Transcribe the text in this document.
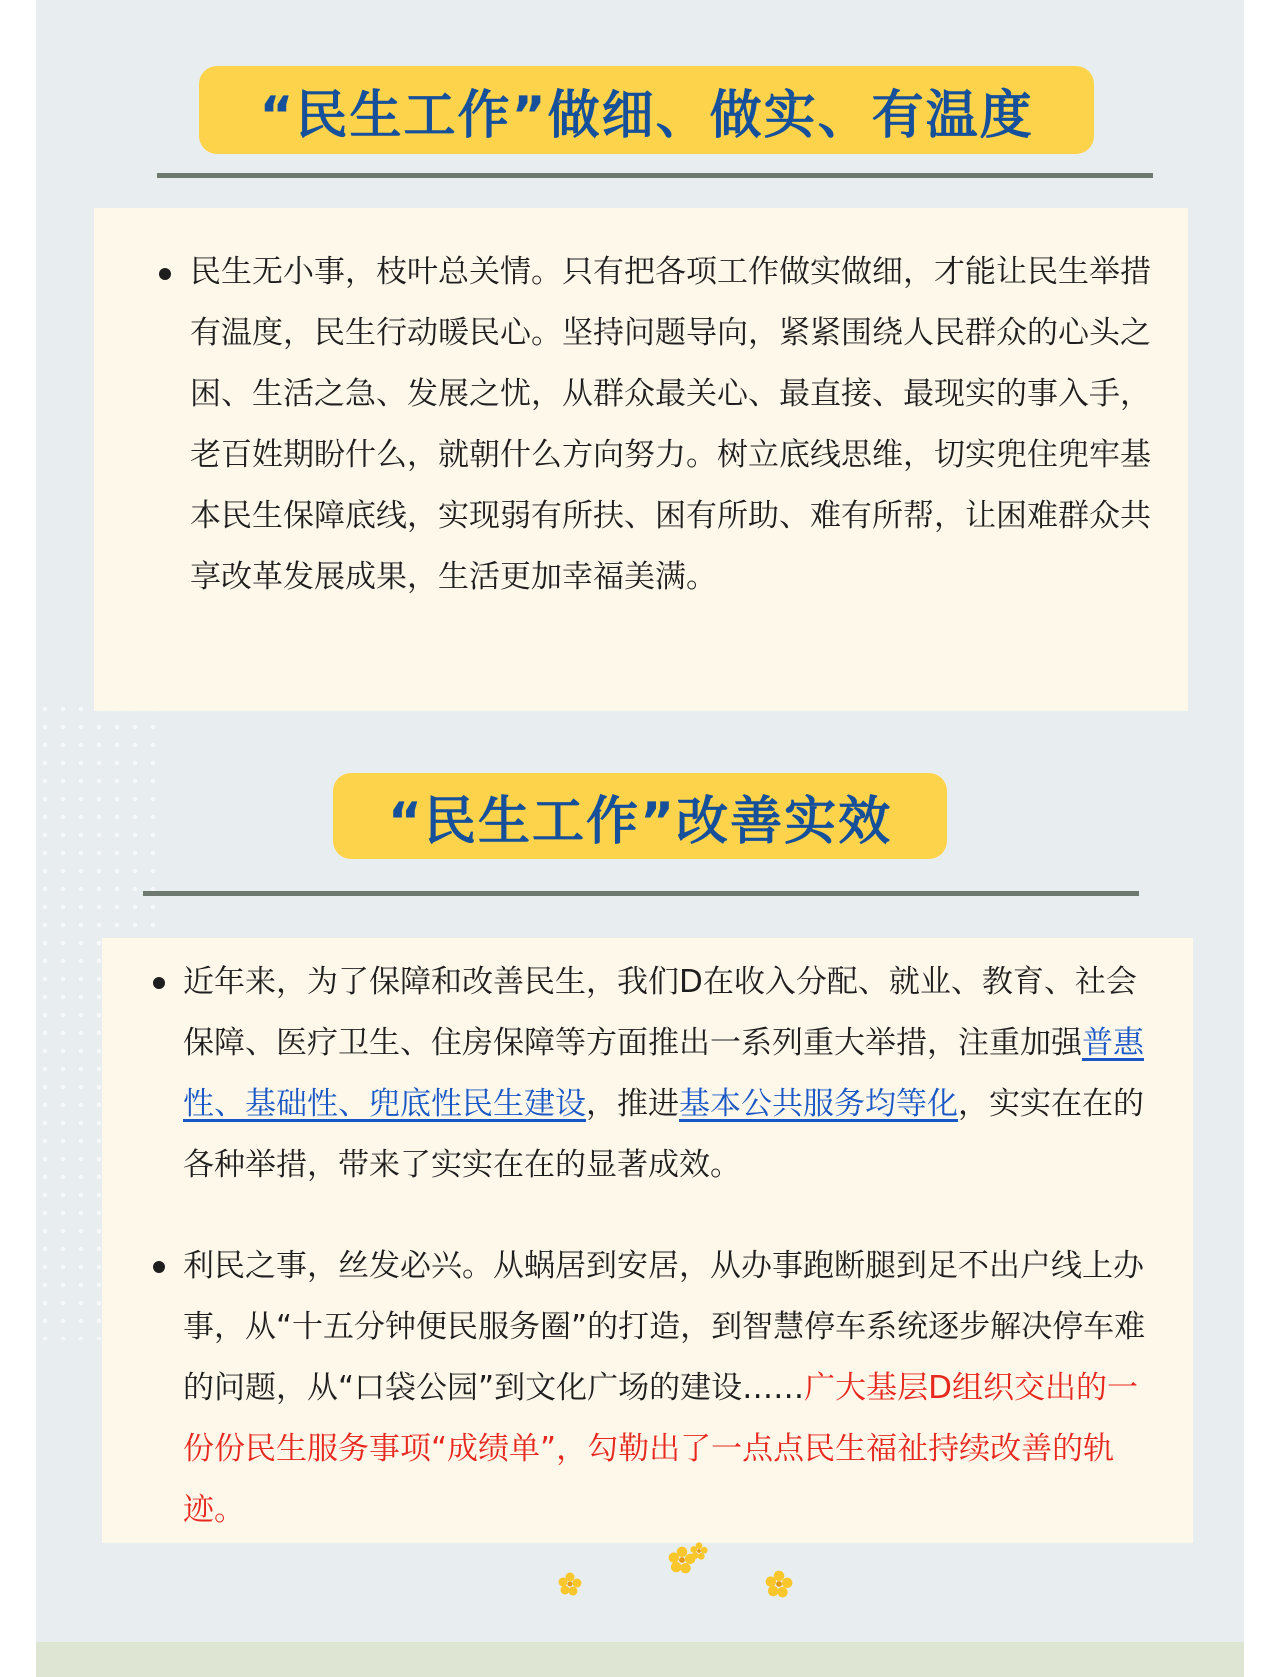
“民生工作”做细、做实、有温度

民生无小事，枝叶总关情。只有把各项工作做实做细，才能让民生举措有温度，民生行动暖民心。坚持问题导向，紧紧围绕人民群众的心头之困、生活之急、发展之忧，从群众最关心、最直接、最现实的事入手，老百姓期盼什么，就朝什么方向努力。树立底线思维，切实兜住兜牢基本民生保障底线，实现弱有所扶、困有所助、难有所帮，让困难群众共享改革发展成果，生活更加幸福美满。

“民生工作”改善实效

近年来，为了保障和改善民生，我们D在收入分配、就业、教育、社会保障、医疗卫生、住房保障等方面推出一系列重大举措，注重加强普惠性、基础性、兜底性民生建设，推进基本公共服务均等化，实实在在的各种举措，带来了实实在在的显著成效。

利民之事，丝发必兴。从蜗居到安居，从办事跑断腿到足不出户线上办事，从“十五分钟便民服务圈”的打造，到智慧停车系统逐步解决停车难的问题，从“口袋公园”到文化广场的建设……广大基层D组织交出的一份份民生服务事项“成绩单”，勾勒出了一点点民生福祉持续改善的轨迹。
